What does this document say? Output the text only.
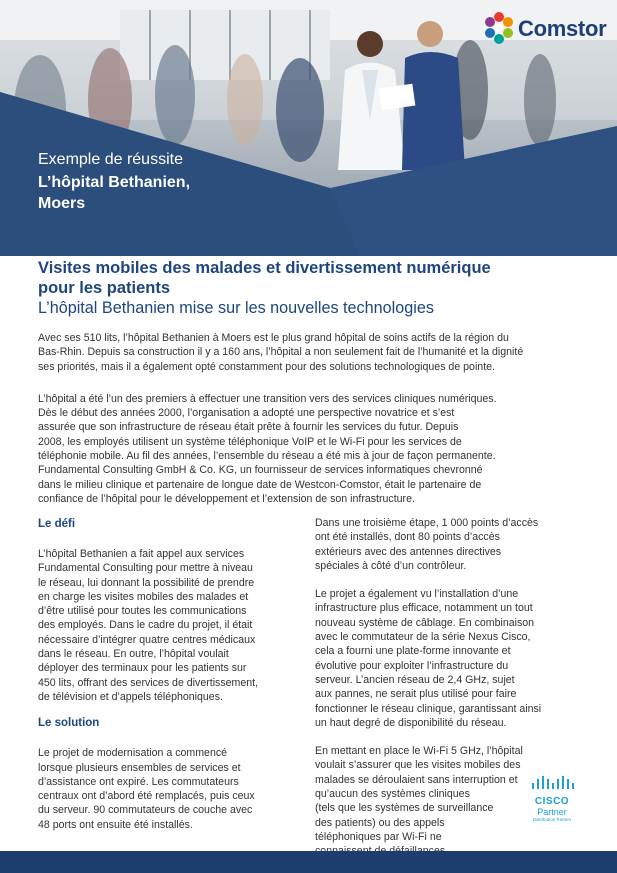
Comstor

Exemple de réussite

L’hôpital Bethanien,

Moers

Visites mobiles des malades et divertissement numérique

pour les patients

L’hôpital Bethanien mise sur les nouvelles technologies

Avec ses 510 lits, l’hôpital Bethanien à Moers est le plus grand hôpital de soins actifs de la région du
Bas-Rhin. Depuis sa construction il y a 160 ans, l’hôpital a non seulement fait de l’humanité et la dignité
ses priorités, mais il a également opté constamment pour des solutions technologiques de pointe.

L’hôpital a été l’un des premiers à effectuer une transition vers des services cliniques numériques.
Dès le début des années 2000, l’organisation a adopté une perspective novatrice et s’est
assurée que son infrastructure de réseau était prête à fournir les services du futur. Depuis
2008, les employés utilisent un système téléphonique VoIP et le Wi-Fi pour les services de
téléphonie mobile. Au fil des années, l’ensemble du réseau a été mis à jour de façon permanente.
Fundamental Consulting GmbH & Co. KG, un fournisseur de services informatiques chevronné
dans le milieu clinique et partenaire de longue date de Westcon-Comstor, était le partenaire de
confiance de l’hôpital pour le développement et l’extension de son infrastructure.

Le défi

L’hôpital Bethanien a fait appel aux services
Fundamental Consulting pour mettre à niveau
le réseau, lui donnant la possibilité de prendre
en charge les visites mobiles des malades et
d’être utilisé pour toutes les communications
des employés. Dans le cadre du projet, il était
nécessaire d’intégrer quatre centres médicaux
dans le réseau. En outre, l’hôpital voulait
déployer des terminaux pour les patients sur
450 lits, offrant des services de divertissement,
de télévision et d’appels téléphoniques.

Le solution

Le projet de modernisation a commencé
lorsque plusieurs ensembles de services et
d’assistance ont expiré. Les commutateurs
centraux ont d’abord été remplacés, puis ceux
du serveur. 90 commutateurs de couche avec
48 ports ont ensuite été installés.

Dans une troisième étape, 1 000 points d’accès
ont été installés, dont 80 points d’accès
extérieurs avec des antennes directives
spéciales à côté d’un contrôleur.

Le projet a également vu l’installation d’une
infrastructure plus efficace, notamment un tout
nouveau système de câblage. En combinaison
avec le commutateur de la série Nexus Cisco,
cela a fourni une plate-forme innovante et
évolutive pour exploiter l’infrastructure du
serveur. L’ancien réseau de 2,4 GHz, sujet
aux pannes, ne serait plus utilisé pour faire
fonctionner le réseau clinique, garantissant ainsi
un haut degré de disponibilité du réseau.

En mettant en place le Wi-Fi 5 GHz, l’hôpital
voulait s’assurer que les visites mobiles des
malades se déroulaient sans interruption et
qu’aucun des systèmes cliniques
(tels que les systèmes de surveillance
des patients) ou des appels
téléphoniques par Wi-Fi ne

CISCO
Partner
Distribution Partner
